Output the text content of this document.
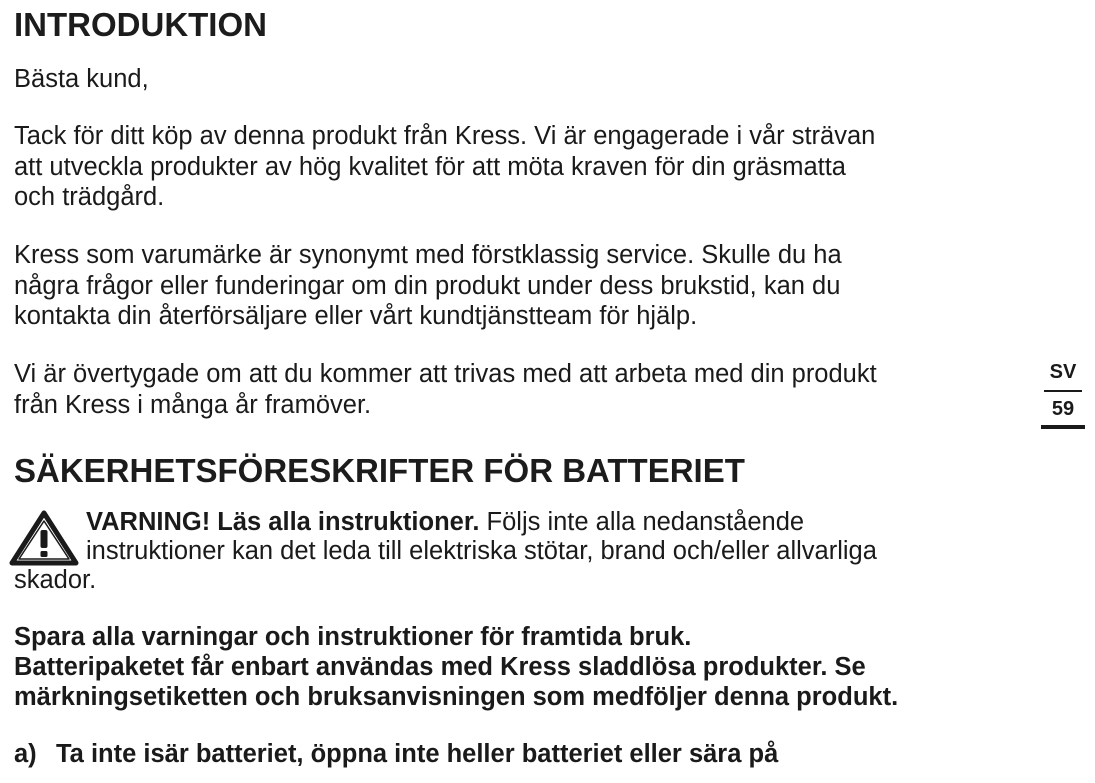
INTRODUKTION

Bästa kund,

Tack för ditt köp av denna produkt från Kress. Vi är engagerade i vår strävan
att utveckla produkter av hög kvalitet för att möta kraven för din gräsmatta
och trädgård.

Kress som varumärke är synonymt med förstklassig service. Skulle du ha
några frågor eller funderingar om din produkt under dess brukstid, kan du
kontakta din återförsäljare eller vårt kundtjänstteam för hjälp.

Vi är övertygade om att du kommer att trivas med att arbeta med din produkt
från Kress i många år framöver.

SÄKERHETSFÖRESKRIFTER FÖR BATTERIET
VARNING! Läs alla instruktioner. Följs inte alla nedanstående
instruktioner kan det leda till elektriska stötar, brand och/eller allvarliga
skador.

Spara alla varningar och instruktioner för framtida bruk.
Batteripaketet får enbart användas med Kress sladdlösa produkter. Se
märkningsetiketten och bruksanvisningen som medföljer denna produkt.

a) Ta inte isär batteriet, öppna inte heller batteriet eller sära på
SV
59
